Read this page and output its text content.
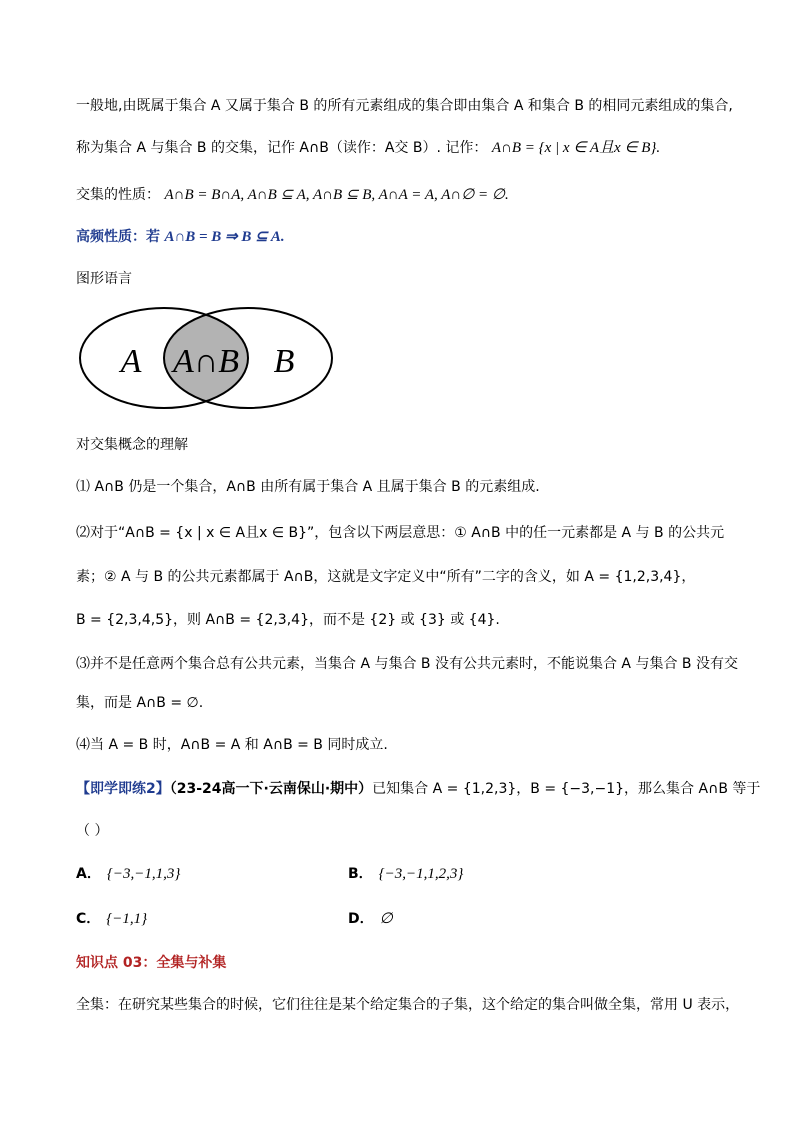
一般地,由既属于集合 A 又属于集合 B 的所有元素组成的集合即由集合 A 和集合 B 的相同元素组成的集合,
称为集合 A 与集合 B 的交集，记作 A∩B（读作：A交 B）. 记作： A∩B = {x | x ∈ A且x ∈ B}.
交集的性质： A∩B = B∩A, A∩B ⊆ A, A∩B ⊆ B, A∩A = A, A∩∅ = ∅.
高频性质：若 A∩B = B ⇒ B ⊆ A.
图形语言
A A∩B B
对交集概念的理解
⑴ A∩B 仍是一个集合，A∩B 由所有属于集合 A 且属于集合 B 的元素组成.
⑵对于“A∩B = {x | x ∈ A且x ∈ B}”，包含以下两层意思：① A∩B 中的任一元素都是 A 与 B 的公共元
素；② A 与 B 的公共元素都属于 A∩B，这就是文字定义中“所有”二字的含义，如 A = {1,2,3,4}，
B = {2,3,4,5}，则 A∩B = {2,3,4}，而不是 {2} 或 {3} 或 {4}.
⑶并不是任意两个集合总有公共元素，当集合 A 与集合 B 没有公共元素时，不能说集合 A 与集合 B 没有交
集，而是 A∩B = ∅.
⑷当 A = B 时，A∩B = A 和 A∩B = B 同时成立.
【即学即练2】（23-24高一下·云南保山·期中）已知集合 A = {1,2,3}，B = {−3,−1}，那么集合 A∩B 等于
（ ）
A． {−3,−1,1,3}	B． {−3,−1,1,2,3}
C． {−1,1}	D． ∅
知识点 03：全集与补集
全集：在研究某些集合的时候，它们往往是某个给定集合的子集，这个给定的集合叫做全集，常用 U 表示，
